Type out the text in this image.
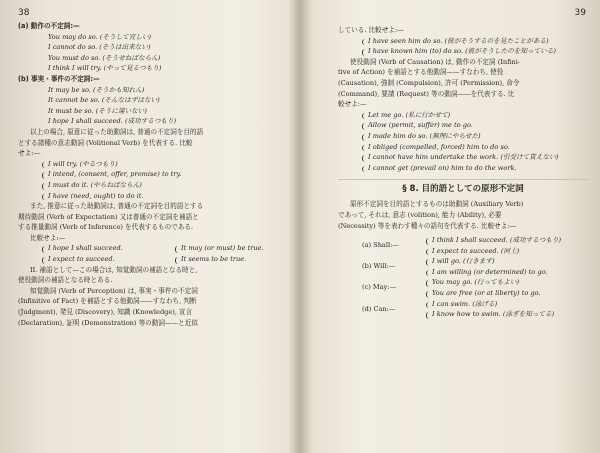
38
(a) 動作の不定詞:—
You may do so. (そうして宜しい)
I cannot do so. (そうは出来ない)
You must do so. (そうせねばならん)
I think I will try. (やって見るつもり)
(b) 事実・事件の不定詞:—
It may be so. (そうかも知れん)
It cannot be so. (そんなはずはない)
It must be so. (そうに違いない)
I hope I shall succeed. (成功するつもり)
以上の場合, 原意に従った助動詞は, 普通の不定詞を目的語
とする諸種の意志動詞 (Volitional Verb) を代表する. 比較
せよ:—
I will try. (やるつもり)
I intend, (consent, offer, promise) to try.
I must do it. (やらねばならん)
I have (need, ought) to do it.
また, 推意に従った助動詞は, 普通の不定詞を目的語とする
期待動詞 (Verb of Expectation) 又は普通の不定詞を補語と
する推量動詞 (Verb of Inference) を代表するものである.
比較せよ:—
I hope I shall succeed.
I expect to succeed.
It may (or must) be true.
It seems to be true.
II. 補語として—この場合は, 知覚動詞の補語となる時と,
使役動詞の補語となる時とある.
知覚動詞 (Verb of Perception) は, 事実・事件の不定詞
(Infinitive of Fact) を補語とする他動詞——すなわち, 判断
(Judgment), 発見 (Discovery), 知識 (Knowledge), 宣言
(Declaration), 証明 (Demonstration) 等の動詞——と近似
39
している. 比較せよ:—
I have seen him do so. (彼がそうするのを見たことがある)
I have known him (to) do so. (彼がそうしたのを知っている)
使役動詞 (Verb of Causation) は, 動作の不定詞 (Infini-
tive of Action) を補語とする他動詞——すなわち, 使役
(Causation), 強制 (Compulsion), 許可 (Permission), 命令
(Command), 要請 (Request) 等の動詞——を代表する. 比
較せよ:—
Let me go. (私に行かせて)
Allow (permit, suffer) me to go.
I made him do so. (無理にやらせた)
I obliged (compelled, forced) him to do so.
I cannot have him undertake the work. (引受けて貰えない)
I cannot get (prevail on) him to do the work.
§ 8. 目的語としての原形不定詞
原形不定詞を目的語とするものは助動詞 (Auxiliary Verb)
であって, それは, 意志 (volition), 能力 (Ability), 必要
(Necessity) 等を表わす種々の語句を代表する. 比較せよ:—
(a) Shall:—
I think I shall succeed. (成功するつもり)
I expect to succeed. (同上)
(b) Will:—
I will go. (行きます)
I am willing (or determined) to go.
(c) May:—
You may go. (行ってもよい)
You are free (or at liberty) to go.
(d) Can:—
I can swim. (泳げる)
I know how to swim. (泳ぎを知ってる)
